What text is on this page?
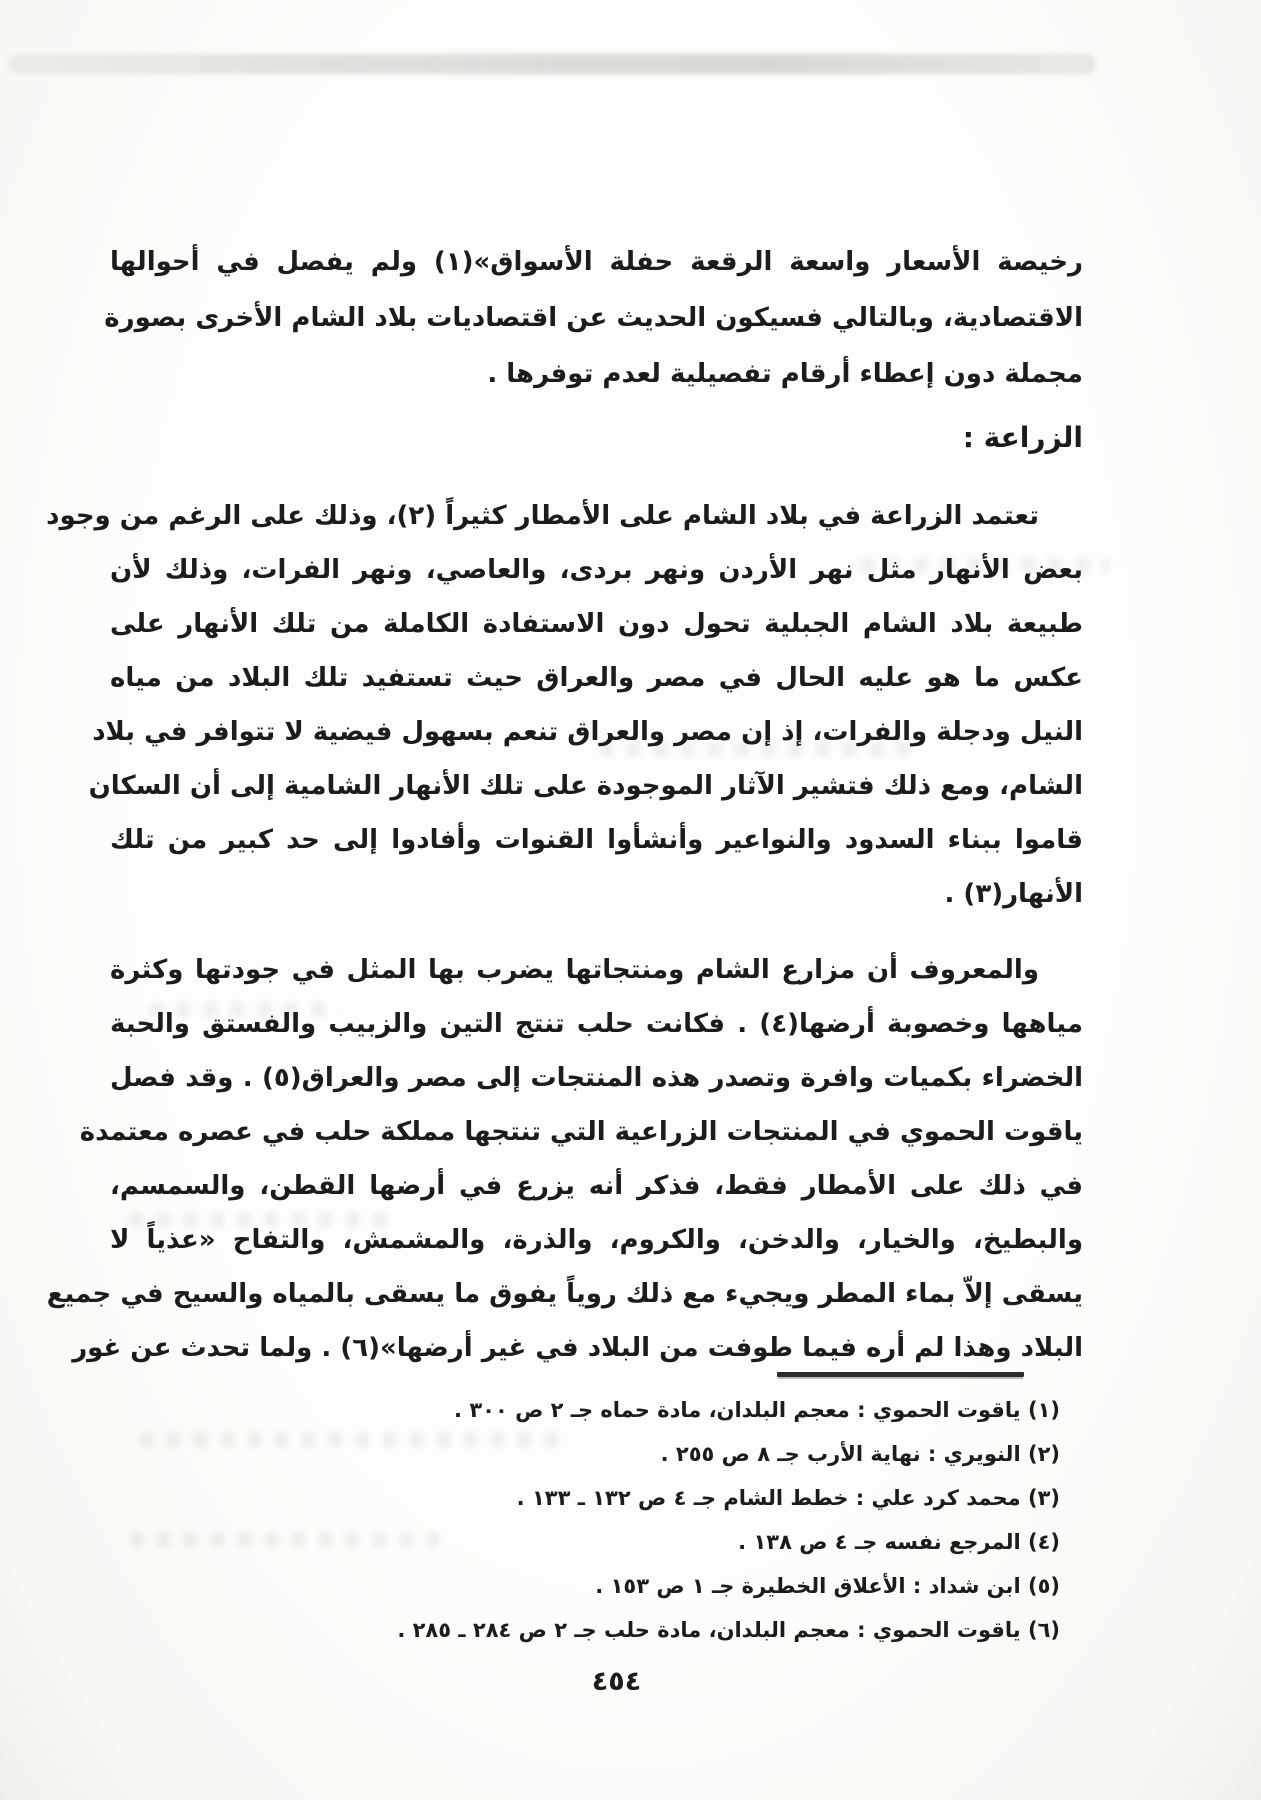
رخيصة الأسعار واسعة الرقعة حفلة الأسواق»(١) ولم يفصل في أحوالها
الاقتصادية، وبالتالي فسيكون الحديث عن اقتصاديات بلاد الشام الأخرى بصورة
مجملة دون إعطاء أرقام تفصيلية لعدم توفرها .
الزراعة :
تعتمد الزراعة في بلاد الشام على الأمطار كثيراً (٢)، وذلك على الرغم من وجود
بعض الأنهار مثل نهر الأردن ونهر بردى، والعاصي، ونهر الفرات، وذلك لأن
طبيعة بلاد الشام الجبلية تحول دون الاستفادة الكاملة من تلك الأنهار على
عكس ما هو عليه الحال في مصر والعراق حيث تستفيد تلك البلاد من مياه
النيل ودجلة والفرات، إذ إن مصر والعراق تنعم بسهول فيضية لا تتوافر في بلاد
الشام، ومع ذلك فتشير الآثار الموجودة على تلك الأنهار الشامية إلى أن السكان
قاموا ببناء السدود والنواعير وأنشأوا القنوات وأفادوا إلى حد كبير من تلك
الأنهار(٣) .
والمعروف أن مزارع الشام ومنتجاتها يضرب بها المثل في جودتها وكثرة
مياهها وخصوبة أرضها(٤) . فكانت حلب تنتج التين والزبيب والفستق والحبة
الخضراء بكميات وافرة وتصدر هذه المنتجات إلى مصر والعراق(٥) . وقد فصل
ياقوت الحموي في المنتجات الزراعية التي تنتجها مملكة حلب في عصره معتمدة
في ذلك على الأمطار فقط، فذكر أنه يزرع في أرضها القطن، والسمسم،
والبطيخ، والخيار، والدخن، والكروم، والذرة، والمشمش، والتفاح «عذياً لا
يسقى إلاّ بماء المطر ويجيء مع ذلك روياً يفوق ما يسقى بالمياه والسيح في جميع
البلاد وهذا لم أره فيما طوفت من البلاد في غير أرضها»(٦) . ولما تحدث عن غور
(١) ياقوت الحموي : معجم البلدان، مادة حماه جـ ٢ ص ٣٠٠ .
(٢) النويري : نهاية الأرب جـ ٨ ص ٢٥٥ .
(٣) محمد كرد علي : خطط الشام جـ ٤ ص ١٣٢ ـ ١٣٣ .
(٤) المرجع نفسه جـ ٤ ص ١٣٨ .
(٥) ابن شداد : الأعلاق الخطيرة جـ ١ ص ١٥٣ .
(٦) ياقوت الحموي : معجم البلدان، مادة حلب جـ ٢ ص ٢٨٤ ـ ٢٨٥ .
٤٥٤
